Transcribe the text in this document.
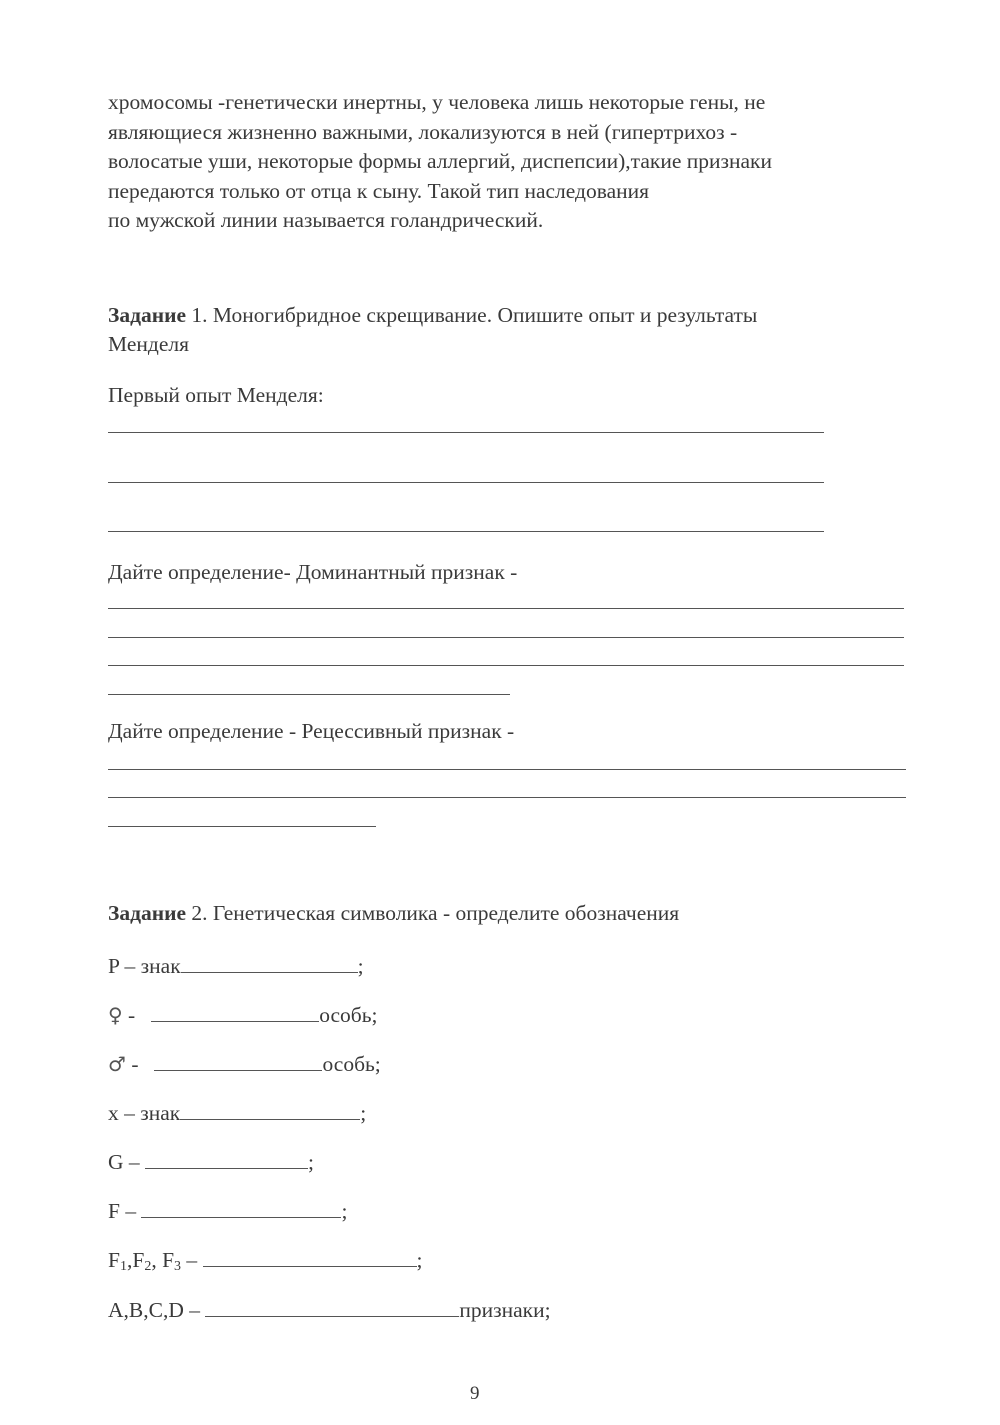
хромосомы -генетически инертны, у человека лишь некоторые гены, не
являющиеся жизненно важными, локализуются в ней (гипертрихоз -
волосатые уши, некоторые формы аллергий, диспепсии),такие признаки
передаются только от отца к сыну. Такой тип наследования
по мужской линии называется голандрический.
Задание 1. Моногибридное скрещивание. Опишите опыт и результаты
Менделя
Первый опыт Менделя:
Дайте определение- Доминантный признак -
Дайте определение - Рецессивный признак -
Задание 2. Генетическая символика - определите обозначения
P – знак	;
♀ -	особь;
♂ -	особь;
х – знак	;
G –	;
F –	;
$F_1,F_2$, $F_3$ –	;
A,B,C,D –	признаки;
9
